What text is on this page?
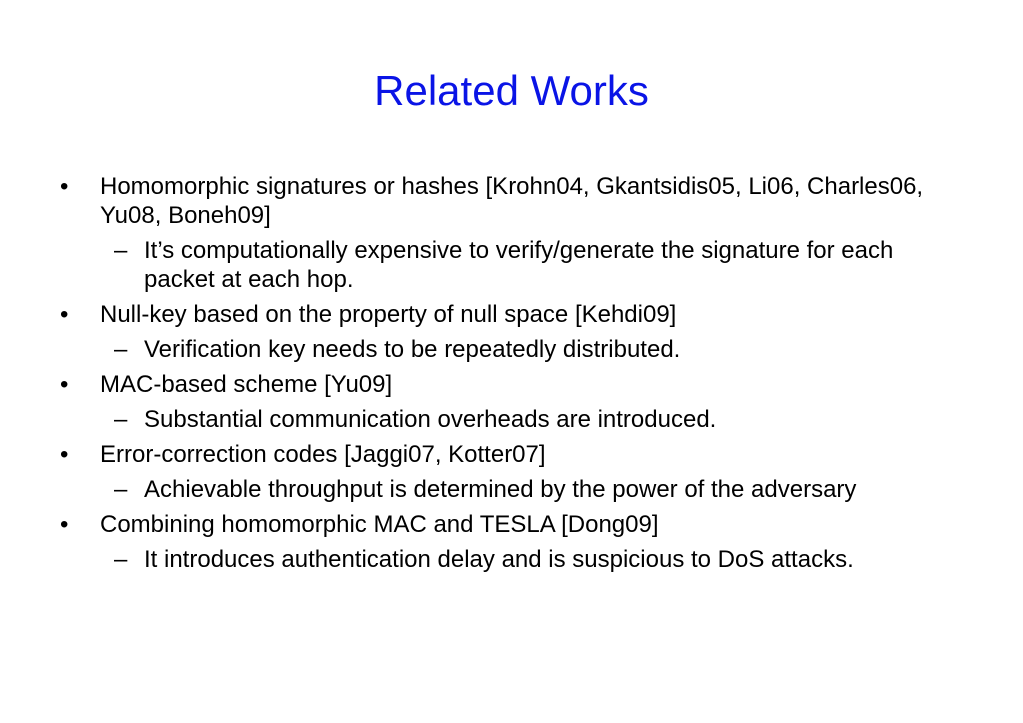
Related Works
• Homomorphic signatures or hashes [Krohn04, Gkantsidis05, Li06, Charles06, Yu08, Boneh09]
– It’s computationally expensive to verify/generate the signature for each packet at each hop.
• Null-key based on the property of null space [Kehdi09]
– Verification key needs to be repeatedly distributed.
• MAC-based scheme [Yu09]
– Substantial communication overheads are introduced.
• Error-correction codes [Jaggi07, Kotter07]
– Achievable throughput is determined by the power of the adversary
• Combining homomorphic MAC and TESLA [Dong09]
– It introduces authentication delay and is suspicious to DoS attacks.
